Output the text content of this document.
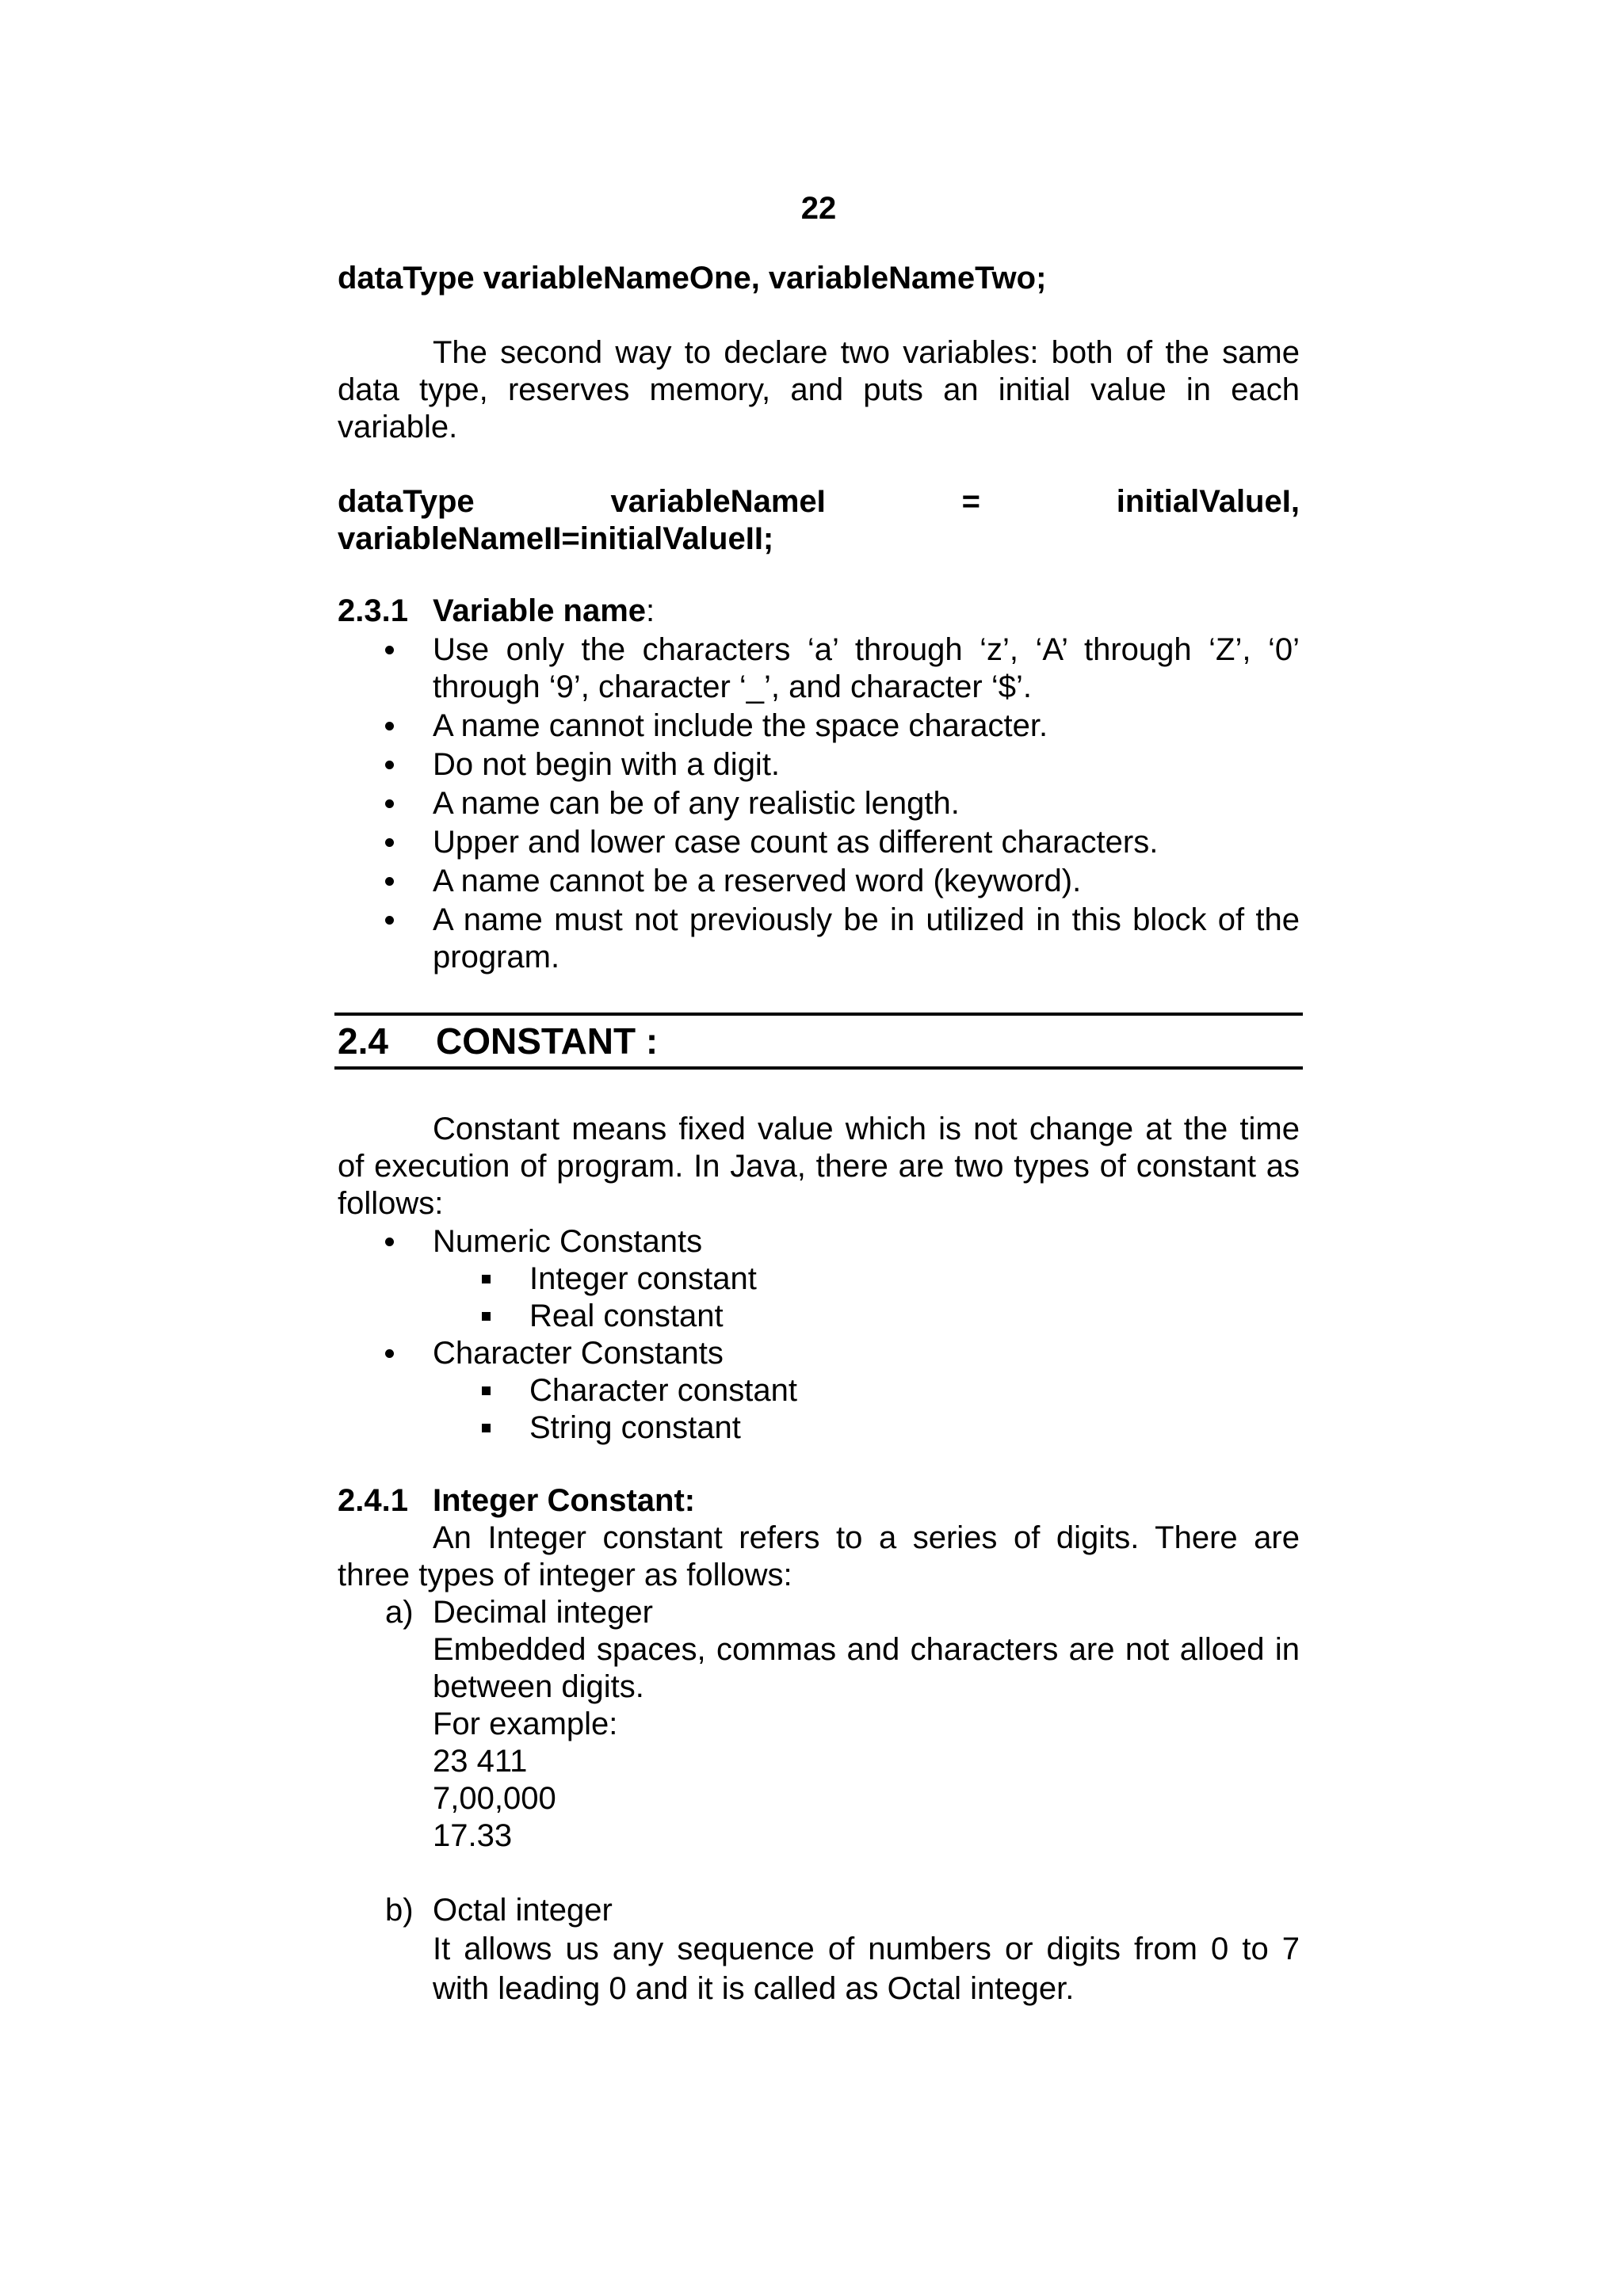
22
dataType variableNameOne, variableNameTwo;
The second way to declare two variables: both of the same data type, reserves memory, and puts an initial value in each variable.
dataType	variableNameI	=	initialValueI,
variableNameII=initialValueII;
2.3.1 Variable name:
Use only the characters ‘a’ through ‘z’, ‘A’ through ‘Z’, ‘0’ through ‘9’, character ‘_’, and character ‘$’.
A name cannot include the space character.
Do not begin with a digit.
A name can be of any realistic length.
Upper and lower case count as different characters.
A name cannot be a reserved word (keyword).
A name must not previously be in utilized in this block of the program.
2.4 CONSTANT :
Constant means fixed value which is not change at the time of execution of program. In Java, there are two types of constant as follows:
Numeric Constants
Integer constant
Real constant
Character Constants
Character constant
String constant
2.4.1 Integer Constant:
An Integer constant refers to a series of digits. There are three types of integer as follows:
a) Decimal integer

Embedded spaces, commas and characters are not alloed in between digits.

For example:

23 411

7,00,000

17.33

b) Octal integer

It allows us any sequence of numbers or digits from 0 to 7 with leading 0 and it is called as Octal integer.
